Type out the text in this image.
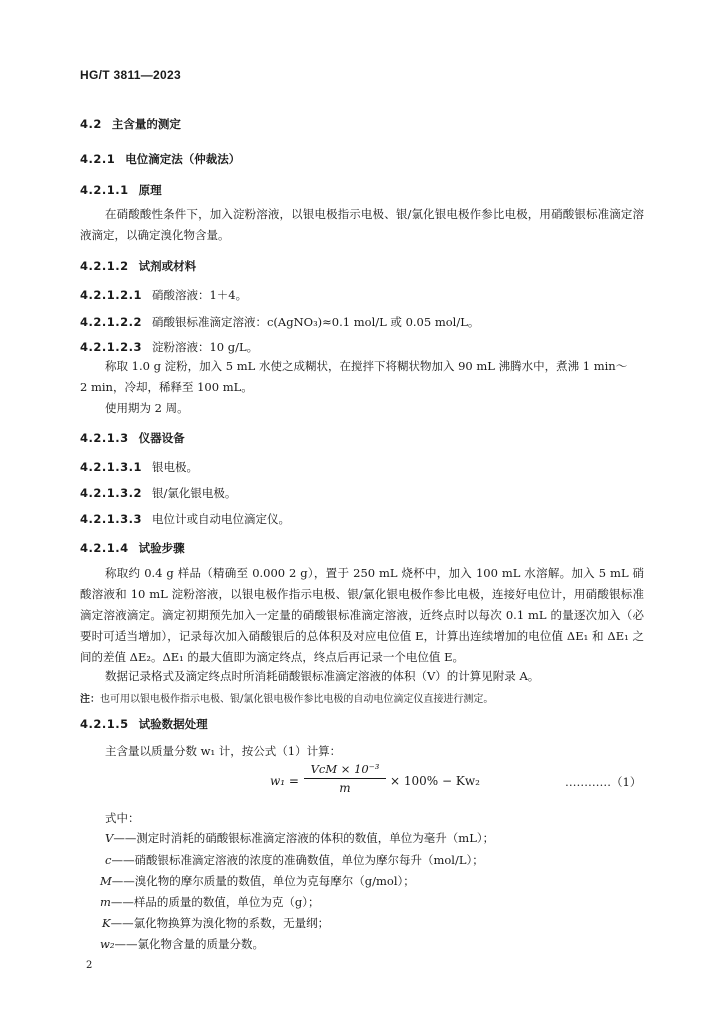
HG/T 3811—2023
4.2 主含量的测定
4.2.1 电位滴定法（仲裁法）
4.2.1.1 原理

在硝酸酸性条件下，加入淀粉溶液，以银电极指示电极、银/氯化银电极作参比电极，用硝酸银标准滴定溶液滴定，以确定溴化物含量。

4.2.1.2 试剂或材料
4.2.1.2.1 硝酸溶液：1＋4。
4.2.1.2.2 硝酸银标准滴定溶液：c(AgNO₃)≈0.1 mol/L 或 0.05 mol/L。
4.2.1.2.3 淀粉溶液：10 g/L。
称取 1.0 g 淀粉，加入 5 mL 水使之成糊状，在搅拌下将糊状物加入 90 mL 沸腾水中，煮沸 1 min～
2 min，冷却，稀释至 100 mL。
使用期为 2 周。
4.2.1.3 仪器设备
4.2.1.3.1 银电极。
4.2.1.3.2 银/氯化银电极。
4.2.1.3.3 电位计或自动电位滴定仪。
4.2.1.4 试验步骤

称取约 0.4 g 样品（精确至 0.000 2 g），置于 250 mL 烧杯中，加入 100 mL 水溶解。加入 5 mL 硝酸溶液和 10 mL 淀粉溶液，以银电极作指示电极、银/氯化银电极作参比电极，连接好电位计，用硝酸银标准滴定溶液滴定。滴定初期预先加入一定量的硝酸银标准滴定溶液，近终点时以每次 0.1 mL 的量逐次加入（必要时可适当增加），记录每次加入硝酸银后的总体积及对应电位值 E，计算出连续增加的电位值 ΔE₁ 和 ΔE₁ 之间的差值 ΔE₂。ΔE₁ 的最大值即为滴定终点，终点后再记录一个电位值 E。

数据记录格式及滴定终点时所消耗硝酸银标准滴定溶液的体积（V）的计算见附录 A。
注：也可用以银电极作指示电极、银/氯化银电极作参比电极的自动电位滴定仪直接进行测定。
4.2.1.5 试验数据处理
主含量以质量分数 w₁ 计，按公式（1）计算：
w₁ =
VcM × 10⁻³
m	× 100% − Kw₂	…………（1）
式中：
V——测定时消耗的硝酸银标准滴定溶液的体积的数值，单位为毫升（mL）；
c——硝酸银标准滴定溶液的浓度的准确数值，单位为摩尔每升（mol/L）；
M——溴化物的摩尔质量的数值，单位为克每摩尔（g/mol）；
m——样品的质量的数值，单位为克（g）；
K——氯化物换算为溴化物的系数，无量纲；
w₂——氯化物含量的质量分数。
2
